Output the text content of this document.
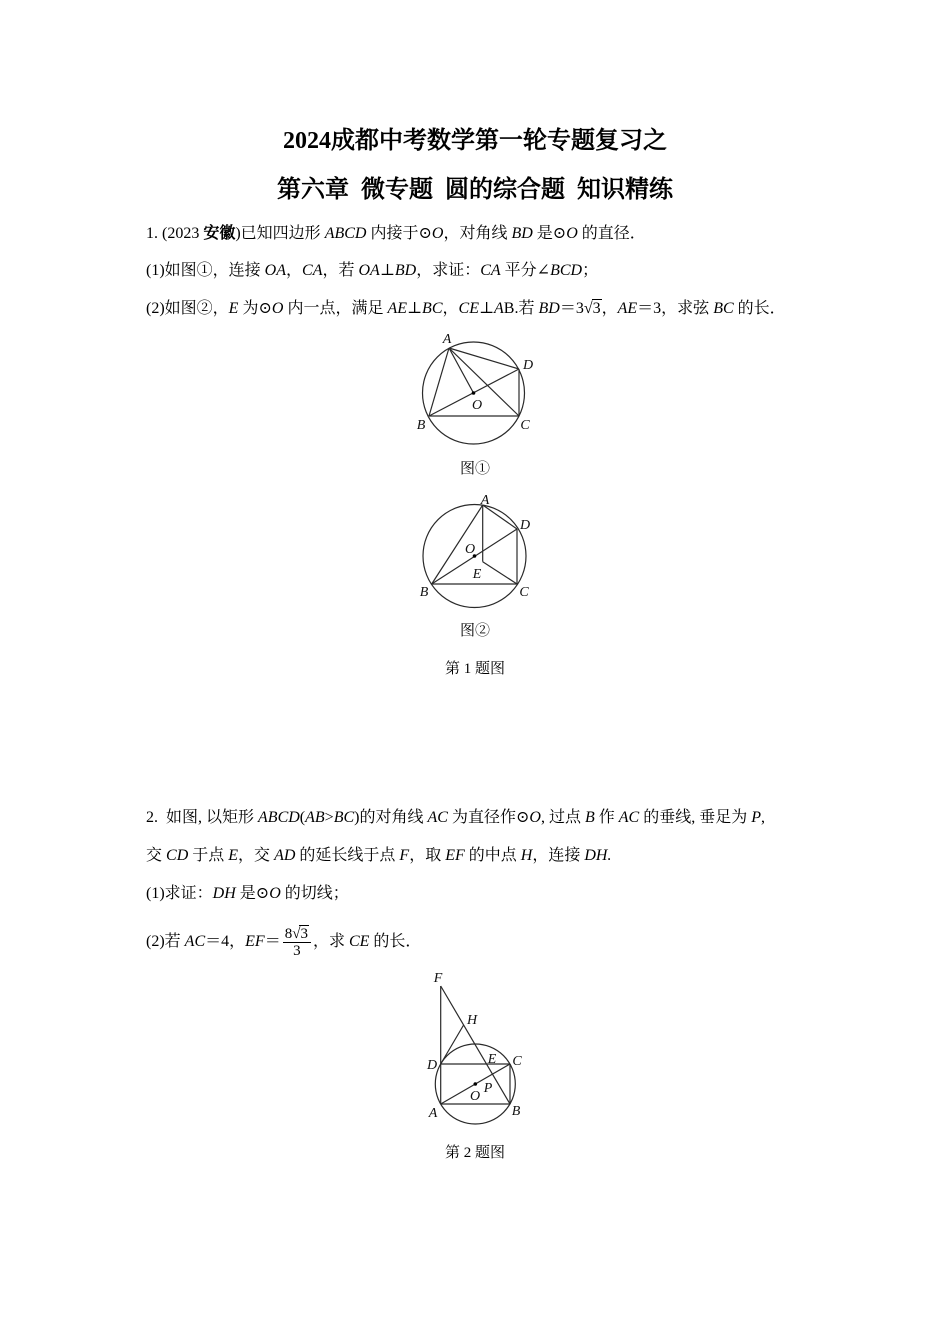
2024成都中考数学第一轮专题复习之
第六章  微专题  圆的综合题  知识精练
1. (2023 安徽)已知四边形 ABCD 内接于⊙O，对角线 BD 是⊙O 的直径．
(1)如图①，连接 OA，CA，若 OA⊥BD，求证：CA 平分∠BCD；
(2)如图②，E 为⊙O 内一点，满足 AE⊥BC，CE⊥AB.若 BD＝3√3，AE＝3，求弦 BC 的长．
A
D
O
B	C
图①
A
D
O
E
B	C
图②
第 1 题图
2.  如图, 以矩形 ABCD(AB>BC)的对角线 AC 为直径作⊙O, 过点 B 作 AC 的垂线, 垂足为 P,
交 CD 于点 E，交 AD 的延长线于点 F，取 EF 的中点 H，连接 DH.
(1)求证：DH 是⊙O 的切线；
(2)若 AC＝4，$EF= \frac{8√3}{3}$ ，求 CE 的长．
F
H
D	E C
O
P
A	B
第 2 题图
